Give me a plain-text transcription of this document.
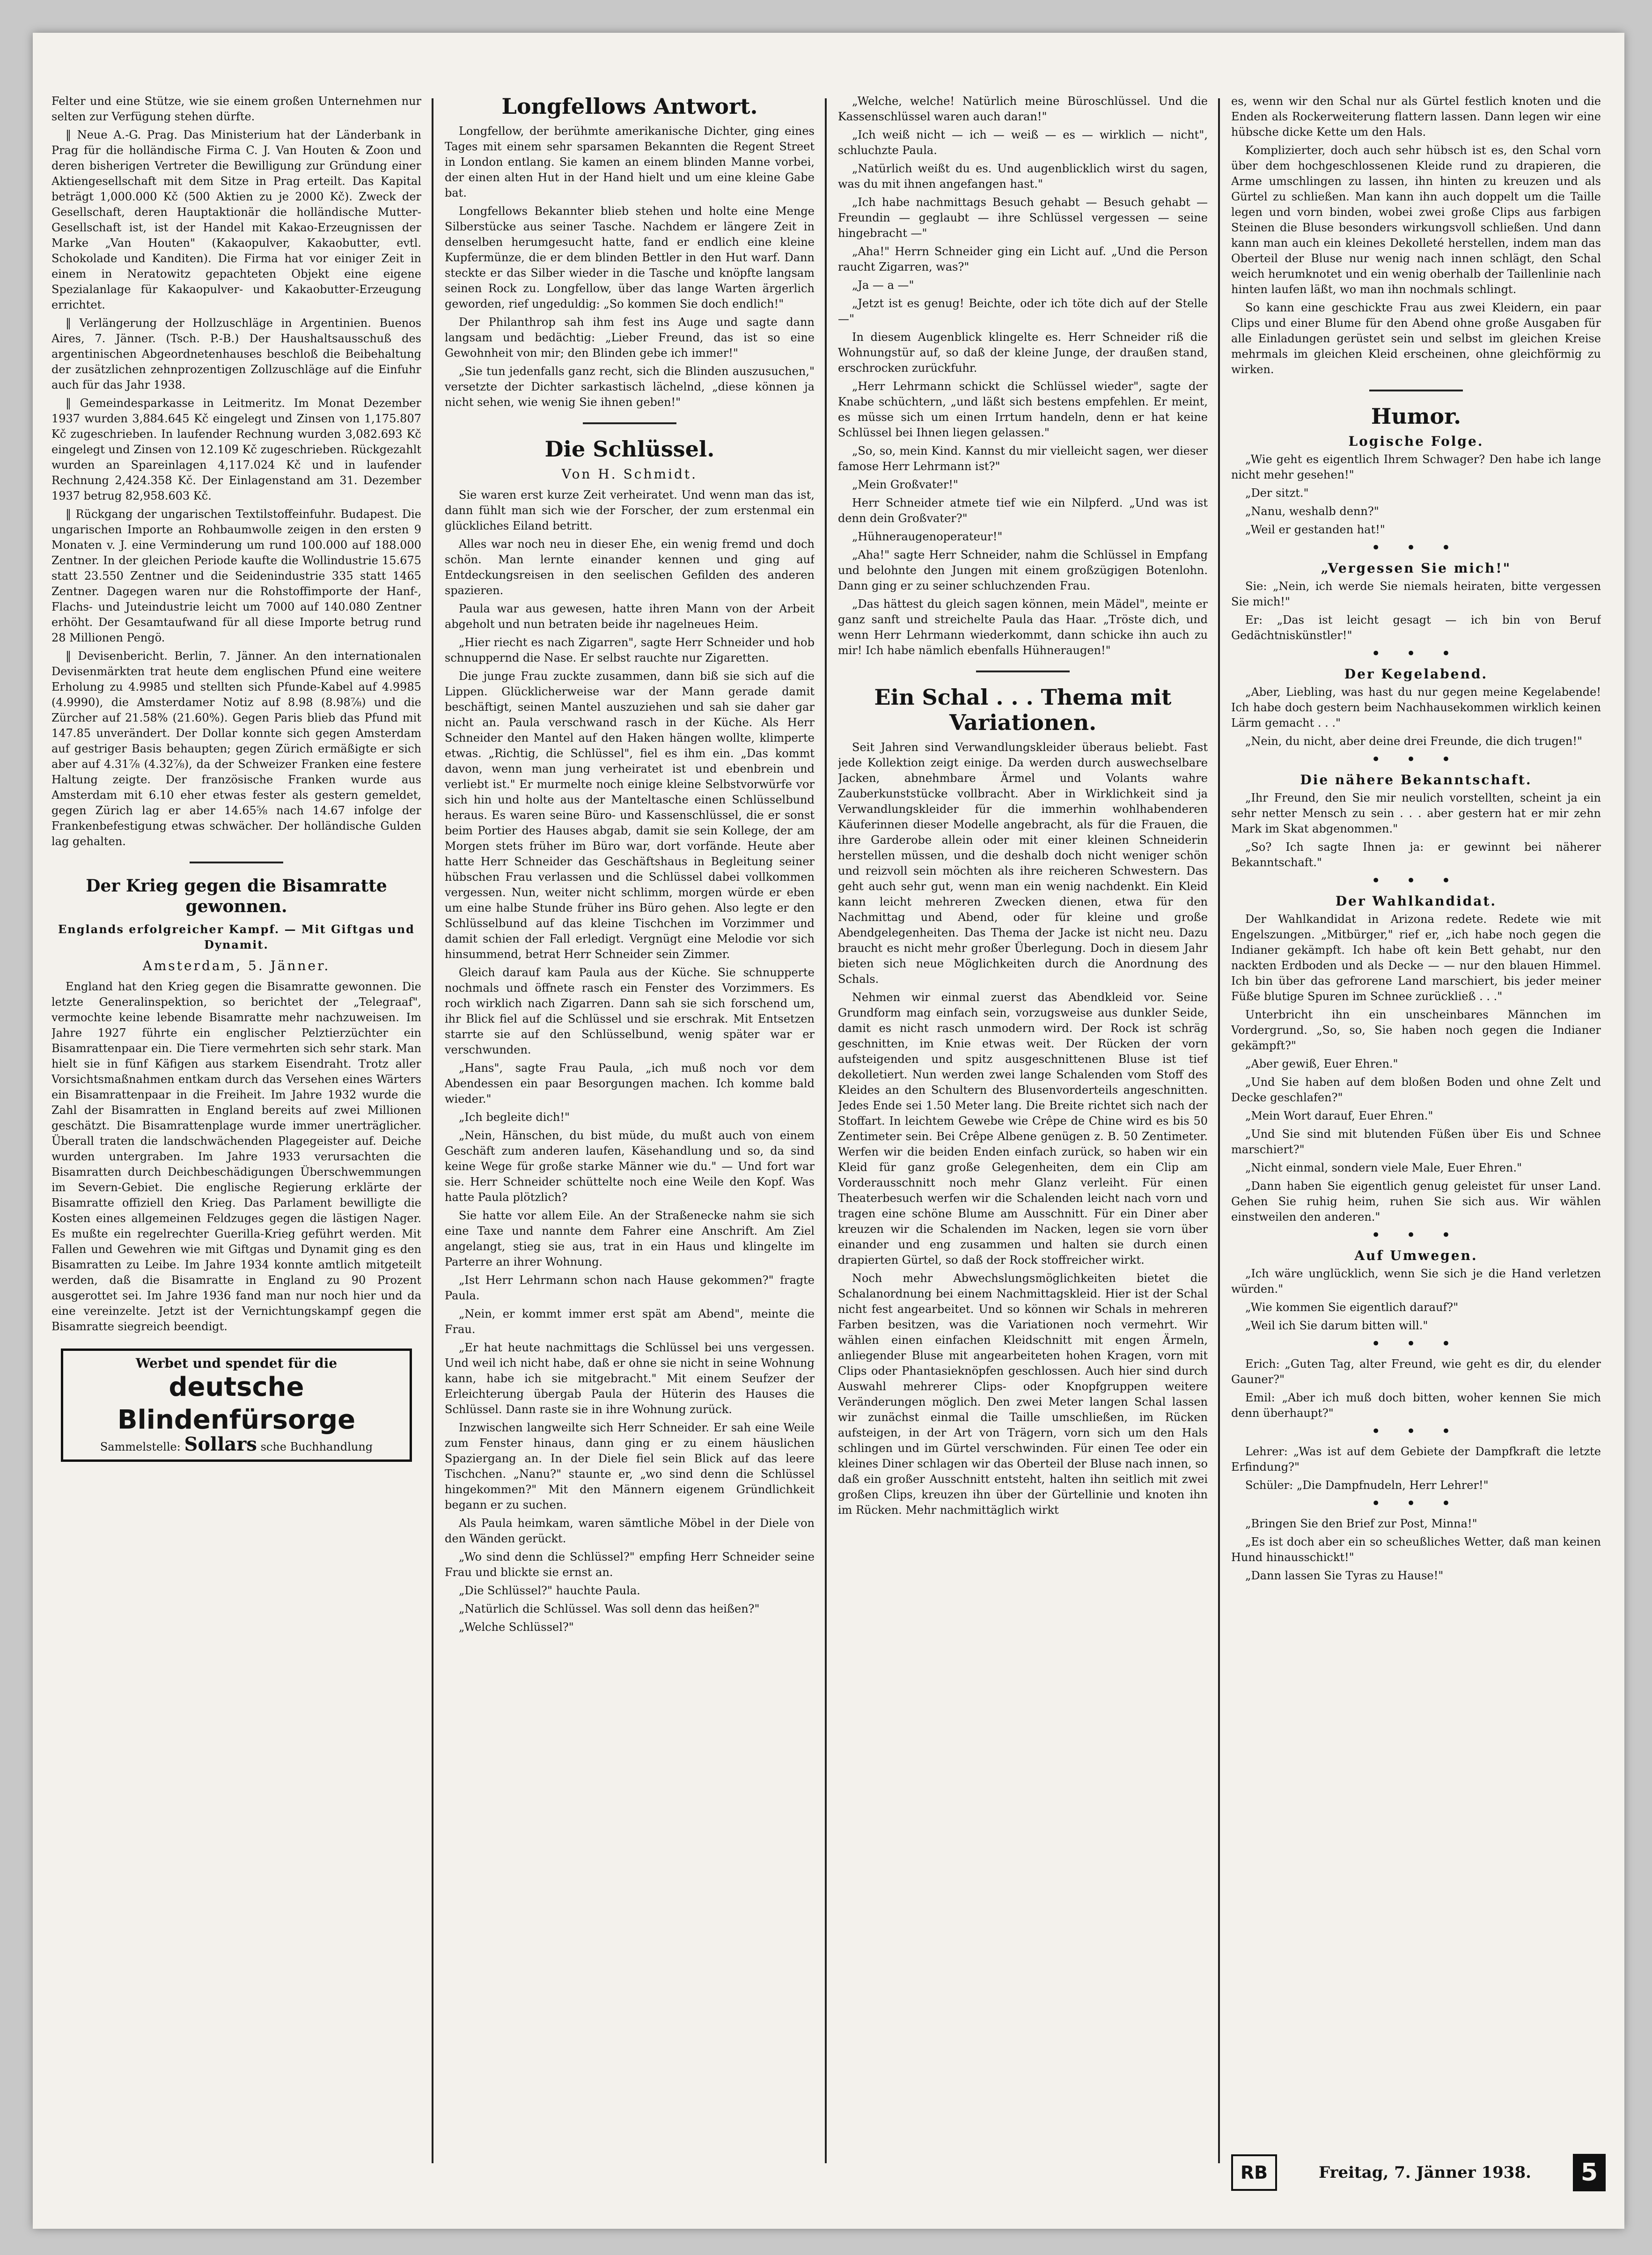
Felter und eine Stütze, wie sie einem großen Unternehmen nur selten zur Verfügung stehen dürfte.

‖ Neue A.-G. Prag. Das Ministerium hat der Länderbank in Prag für die holländische Firma C. J. Van Houten & Zoon und deren bisherigen Vertreter die Bewilligung zur Gründung einer Aktiengesellschaft mit dem Sitze in Prag erteilt. Das Kapital beträgt 1,000.000 Kč (500 Aktien zu je 2000 Kč). Zweck der Gesellschaft, deren Hauptaktionär die holländische Mutter-Gesellschaft ist, ist der Handel mit Kakao-Erzeugnissen der Marke „Van Houten" (Kakaopulver, Kakaobutter, evtl. Schokolade und Kanditen). Die Firma hat vor einiger Zeit in einem in Neratowitz gepachteten Objekt eine eigene Spezialanlage für Kakaopulver- und Kakaobutter-Erzeugung errichtet.

‖ Verlängerung der Hollzuschläge in Argentinien. Buenos Aires, 7. Jänner. (Tsch. P.-B.) Der Haushaltsausschuß des argentinischen Abgeordnetenhauses beschloß die Beibehaltung der zusätzlichen zehnprozentigen Zollzuschläge auf die Einfuhr auch für das Jahr 1938.

‖ Gemeindesparkasse in Leitmeritz. Im Monat Dezember 1937 wurden 3,884.645 Kč eingelegt und Zinsen von 1,175.807 Kč zugeschrieben. In laufender Rechnung wurden 3,082.693 Kč eingelegt und Zinsen von 12.109 Kč zugeschrieben. Rückgezahlt wurden an Spareinlagen 4,117.024 Kč und in laufender Rechnung 2,424.358 Kč. Der Einlagenstand am 31. Dezember 1937 betrug 82,958.603 Kč.

‖ Rückgang der ungarischen Textilstoffeinfuhr. Budapest. Die ungarischen Importe an Rohbaumwolle zeigen in den ersten 9 Monaten v. J. eine Verminderung um rund 100.000 auf 188.000 Zentner. In der gleichen Periode kaufte die Wollindustrie 15.675 statt 23.550 Zentner und die Seidenindustrie 335 statt 1465 Zentner. Dagegen waren nur die Rohstoffimporte der Hanf-, Flachs- und Juteindustrie leicht um 7000 auf 140.080 Zentner erhöht. Der Gesamtaufwand für all diese Importe betrug rund 28 Millionen Pengö.

‖ Devisenbericht. Berlin, 7. Jänner. An den internationalen Devisenmärkten trat heute dem englischen Pfund eine weitere Erholung zu 4.9985 und stellten sich Pfunde-Kabel auf 4.9985 (4.9990), die Amsterdamer Notiz auf 8.98 (8.98⅞) und die Zürcher auf 21.58% (21.60%). Gegen Paris blieb das Pfund mit 147.85 unverändert. Der Dollar konnte sich gegen Amsterdam auf gestriger Basis behaupten; gegen Zürich ermäßigte er sich aber auf 4.31⅞ (4.32⅞), da der Schweizer Franken eine festere Haltung zeigte. Der französische Franken wurde aus Amsterdam mit 6.10 eher etwas fester als gestern gemeldet, gegen Zürich lag er aber 14.65⅝ nach 14.67 infolge der Frankenbefestigung etwas schwächer. Der holländische Gulden lag gehalten.

Der Krieg gegen die Bisamratte gewonnen.
Englands erfolgreicher Kampf. — Mit Giftgas und Dynamit.
Amsterdam, 5. Jänner.

England hat den Krieg gegen die Bisamratte gewonnen. Die letzte Generalinspektion, so berichtet der „Telegraaf", vermochte keine lebende Bisamratte mehr nachzuweisen. Im Jahre 1927 führte ein englischer Pelztierzüchter ein Bisamrattenpaar ein. Die Tiere vermehrten sich sehr stark. Man hielt sie in fünf Käfigen aus starkem Eisendraht. Trotz aller Vorsichtsmaßnahmen entkam durch das Versehen eines Wärters ein Bisamrattenpaar in die Freiheit. Im Jahre 1932 wurde die Zahl der Bisamratten in England bereits auf zwei Millionen geschätzt. Die Bisamrattenplage wurde immer unerträglicher. Überall traten die landschwächenden Plagegeister auf. Deiche wurden untergraben. Im Jahre 1933 verursachten die Bisamratten durch Deichbeschädigungen Überschwemmungen im Severn-Gebiet. Die englische Regierung erklärte der Bisamratte offiziell den Krieg. Das Parlament bewilligte die Kosten eines allgemeinen Feldzuges gegen die lästigen Nager. Es mußte ein regelrechter Guerilla-Krieg geführt werden. Mit Fallen und Gewehren wie mit Giftgas und Dynamit ging es den Bisamratten zu Leibe. Im Jahre 1934 konnte amtlich mitgeteilt werden, daß die Bisamratte in England zu 90 Prozent ausgerottet sei. Im Jahre 1936 fand man nur noch hier und da eine vereinzelte. Jetzt ist der Vernichtungskampf gegen die Bisamratte siegreich beendigt.

Werbet und spendet für die
deutsche Blindenfürsorge
Sammelstelle: Sollars sche Buchhandlung
Longfellows Antwort.

Longfellow, der berühmte amerikanische Dichter, ging eines Tages mit einem sehr sparsamen Bekannten die Regent Street in London entlang. Sie kamen an einem blinden Manne vorbei, der einen alten Hut in der Hand hielt und um eine kleine Gabe bat.

Longfellows Bekannter blieb stehen und holte eine Menge Silberstücke aus seiner Tasche. Nachdem er längere Zeit in denselben herumgesucht hatte, fand er endlich eine kleine Kupfermünze, die er dem blinden Bettler in den Hut warf. Dann steckte er das Silber wieder in die Tasche und knöpfte langsam seinen Rock zu. Longfellow, über das lange Warten ärgerlich geworden, rief ungeduldig: „So kommen Sie doch endlich!"

Der Philanthrop sah ihm fest ins Auge und sagte dann langsam und bedächtig: „Lieber Freund, das ist so eine Gewohnheit von mir; den Blinden gebe ich immer!"

„Sie tun jedenfalls ganz recht, sich die Blinden auszusuchen," versetzte der Dichter sarkastisch lächelnd, „diese können ja nicht sehen, wie wenig Sie ihnen geben!"

Die Schlüssel.
Von H. Schmidt.

Sie waren erst kurze Zeit verheiratet. Und wenn man das ist, dann fühlt man sich wie der Forscher, der zum erstenmal ein glückliches Eiland betritt.

Alles war noch neu in dieser Ehe, ein wenig fremd und doch schön. Man lernte einander kennen und ging auf Entdeckungsreisen in den seelischen Gefilden des anderen spazieren.

Paula war aus gewesen, hatte ihren Mann von der Arbeit abgeholt und nun betraten beide ihr nagelneues Heim.

„Hier riecht es nach Zigarren", sagte Herr Schneider und hob schnuppernd die Nase. Er selbst rauchte nur Zigaretten.

Die junge Frau zuckte zusammen, dann biß sie sich auf die Lippen. Glücklicherweise war der Mann gerade damit beschäftigt, seinen Mantel auszuziehen und sah sie daher gar nicht an. Paula verschwand rasch in der Küche. Als Herr Schneider den Mantel auf den Haken hängen wollte, klimperte etwas. „Richtig, die Schlüssel", fiel es ihm ein. „Das kommt davon, wenn man jung verheiratet ist und ebenbrein und verliebt ist." Er murmelte noch einige kleine Selbstvorwürfe vor sich hin und holte aus der Manteltasche einen Schlüsselbund heraus. Es waren seine Büro- und Kassenschlüssel, die er sonst beim Portier des Hauses abgab, damit sie sein Kollege, der am Morgen stets früher im Büro war, dort vorfände. Heute aber hatte Herr Schneider das Geschäftshaus in Begleitung seiner hübschen Frau verlassen und die Schlüssel dabei vollkommen vergessen. Nun, weiter nicht schlimm, morgen würde er eben um eine halbe Stunde früher ins Büro gehen. Also legte er den Schlüsselbund auf das kleine Tischchen im Vorzimmer und damit schien der Fall erledigt. Vergnügt eine Melodie vor sich hinsummend, betrat Herr Schneider sein Zimmer.

Gleich darauf kam Paula aus der Küche. Sie schnupperte nochmals und öffnete rasch ein Fenster des Vorzimmers. Es roch wirklich nach Zigarren. Dann sah sie sich forschend um, ihr Blick fiel auf die Schlüssel und sie erschrak. Mit Entsetzen starrte sie auf den Schlüsselbund, wenig später war er verschwunden.

„Hans", sagte Frau Paula, „ich muß noch vor dem Abendessen ein paar Besorgungen machen. Ich komme bald wieder."

„Ich begleite dich!"

„Nein, Hänschen, du bist müde, du mußt auch von einem Geschäft zum anderen laufen, Käsehandlung und so, da sind keine Wege für große starke Männer wie du." — Und fort war sie. Herr Schneider schüttelte noch eine Weile den Kopf. Was hatte Paula plötzlich?

Sie hatte vor allem Eile. An der Straßenecke nahm sie sich eine Taxe und nannte dem Fahrer eine Anschrift. Am Ziel angelangt, stieg sie aus, trat in ein Haus und klingelte im Parterre an ihrer Wohnung.

„Ist Herr Lehrmann schon nach Hause gekommen?" fragte Paula.

„Nein, er kommt immer erst spät am Abend", meinte die Frau.

„Er hat heute nachmittags die Schlüssel bei uns vergessen. Und weil ich nicht habe, daß er ohne sie nicht in seine Wohnung kann, habe ich sie mitgebracht." Mit einem Seufzer der Erleichterung übergab Paula der Hüterin des Hauses die Schlüssel. Dann raste sie in ihre Wohnung zurück.

Inzwischen langweilte sich Herr Schneider. Er sah eine Weile zum Fenster hinaus, dann ging er zu einem häuslichen Spaziergang an. In der Diele fiel sein Blick auf das leere Tischchen. „Nanu?" staunte er, „wo sind denn die Schlüssel hingekommen?" Mit den Männern eigenem Gründlichkeit begann er zu suchen.

Als Paula heimkam, waren sämtliche Möbel in der Diele von den Wänden gerückt.

„Wo sind denn die Schlüssel?" empfing Herr Schneider seine Frau und blickte sie ernst an.

„Die Schlüssel?" hauchte Paula.

„Natürlich die Schlüssel. Was soll denn das heißen?"

„Welche Schlüssel?"

„Welche, welche! Natürlich meine Büroschlüssel. Und die Kassenschlüssel waren auch daran!"

„Ich weiß nicht — ich — weiß — es — wirklich — nicht", schluchzte Paula.

„Natürlich weißt du es. Und augenblicklich wirst du sagen, was du mit ihnen angefangen hast."

„Ich habe nachmittags Besuch gehabt — Besuch gehabt — Freundin — geglaubt — ihre Schlüssel vergessen — seine hingebracht —"

„Aha!" Herrn Schneider ging ein Licht auf. „Und die Person raucht Zigarren, was?"

„Ja — a —"

„Jetzt ist es genug! Beichte, oder ich töte dich auf der Stelle —"

In diesem Augenblick klingelte es. Herr Schneider riß die Wohnungstür auf, so daß der kleine Junge, der draußen stand, erschrocken zurückfuhr.

„Herr Lehrmann schickt die Schlüssel wieder", sagte der Knabe schüchtern, „und läßt sich bestens empfehlen. Er meint, es müsse sich um einen Irrtum handeln, denn er hat keine Schlüssel bei Ihnen liegen gelassen."

„So, so, mein Kind. Kannst du mir vielleicht sagen, wer dieser famose Herr Lehrmann ist?"

„Mein Großvater!"

Herr Schneider atmete tief wie ein Nilpferd. „Und was ist denn dein Großvater?"

„Hühneraugenoperateur!"

„Aha!" sagte Herr Schneider, nahm die Schlüssel in Empfang und belohnte den Jungen mit einem großzügigen Botenlohn. Dann ging er zu seiner schluchzenden Frau.

„Das hättest du gleich sagen können, mein Mädel", meinte er ganz sanft und streichelte Paula das Haar. „Tröste dich, und wenn Herr Lehrmann wiederkommt, dann schicke ihn auch zu mir! Ich habe nämlich ebenfalls Hühneraugen!"

Ein Schal . . . Thema mit Variationen.

Seit Jahren sind Verwandlungskleider überaus beliebt. Fast jede Kollektion zeigt einige. Da werden durch auswechselbare Jacken, abnehmbare Ärmel und Volants wahre Zauberkunststücke vollbracht. Aber in Wirklichkeit sind ja Verwandlungskleider für die immerhin wohlhabenderen Käuferinnen dieser Modelle angebracht, als für die Frauen, die ihre Garderobe allein oder mit einer kleinen Schneiderin herstellen müssen, und die deshalb doch nicht weniger schön und reizvoll sein möchten als ihre reicheren Schwestern. Das geht auch sehr gut, wenn man ein wenig nachdenkt. Ein Kleid kann leicht mehreren Zwecken dienen, etwa für den Nachmittag und Abend, oder für kleine und große Abendgelegenheiten. Das Thema der Jacke ist nicht neu. Dazu braucht es nicht mehr großer Überlegung. Doch in diesem Jahr bieten sich neue Möglichkeiten durch die Anordnung des Schals.

Nehmen wir einmal zuerst das Abendkleid vor. Seine Grundform mag einfach sein, vorzugsweise aus dunkler Seide, damit es nicht rasch unmodern wird. Der Rock ist schräg geschnitten, im Knie etwas weit. Der Rücken der vorn aufsteigenden und spitz ausgeschnittenen Bluse ist tief dekolletiert. Nun werden zwei lange Schalenden vom Stoff des Kleides an den Schultern des Blusenvorderteils angeschnitten. Jedes Ende sei 1.50 Meter lang. Die Breite richtet sich nach der Stoffart. In leichtem Gewebe wie Crêpe de Chine wird es bis 50 Zentimeter sein. Bei Crêpe Albene genügen z. B. 50 Zentimeter. Werfen wir die beiden Enden einfach zurück, so haben wir ein Kleid für ganz große Gelegenheiten, dem ein Clip am Vorderausschnitt noch mehr Glanz verleiht. Für einen Theaterbesuch werfen wir die Schalenden leicht nach vorn und tragen eine schöne Blume am Ausschnitt. Für ein Diner aber kreuzen wir die Schalenden im Nacken, legen sie vorn über einander und eng zusammen und halten sie durch einen drapierten Gürtel, so daß der Rock stoffreicher wirkt.

Noch mehr Abwechslungsmöglichkeiten bietet die Schalanordnung bei einem Nachmittagskleid. Hier ist der Schal nicht fest angearbeitet. Und so können wir Schals in mehreren Farben besitzen, was die Variationen noch vermehrt. Wir wählen einen einfachen Kleidschnitt mit engen Ärmeln, anliegender Bluse mit angearbeiteten hohen Kragen, vorn mit Clips oder Phantasieknöpfen geschlossen. Auch hier sind durch Auswahl mehrerer Clips- oder Knopfgruppen weitere Veränderungen möglich. Den zwei Meter langen Schal lassen wir zunächst einmal die Taille umschließen, im Rücken aufsteigen, in der Art von Trägern, vorn sich um den Hals schlingen und im Gürtel verschwinden. Für einen Tee oder ein kleines Diner schlagen wir das Oberteil der Bluse nach innen, so daß ein großer Ausschnitt entsteht, halten ihn seitlich mit zwei großen Clips, kreuzen ihn über der Gürtellinie und knoten ihn im Rücken. Mehr nachmittäglich wirkt

es, wenn wir den Schal nur als Gürtel festlich knoten und die Enden als Rockerweiterung flattern lassen. Dann legen wir eine hübsche dicke Kette um den Hals.

Komplizierter, doch auch sehr hübsch ist es, den Schal vorn über dem hochgeschlossenen Kleide rund zu drapieren, die Arme umschlingen zu lassen, ihn hinten zu kreuzen und als Gürtel zu schließen. Man kann ihn auch doppelt um die Taille legen und vorn binden, wobei zwei große Clips aus farbigen Steinen die Bluse besonders wirkungsvoll schließen. Und dann kann man auch ein kleines Dekolleté herstellen, indem man das Oberteil der Bluse nur wenig nach innen schlägt, den Schal weich herumknotet und ein wenig oberhalb der Taillenlinie nach hinten laufen läßt, wo man ihn nochmals schlingt.

So kann eine geschickte Frau aus zwei Kleidern, ein paar Clips und einer Blume für den Abend ohne große Ausgaben für alle Einladungen gerüstet sein und selbst im gleichen Kreise mehrmals im gleichen Kleid erscheinen, ohne gleichförmig zu wirken.

Humor.
Logische Folge.

„Wie geht es eigentlich Ihrem Schwager? Den habe ich lange nicht mehr gesehen!"

„Der sitzt."

„Nanu, weshalb denn?"

„Weil er gestanden hat!"

• • •
„Vergessen Sie mich!"

Sie: „Nein, ich werde Sie niemals heiraten, bitte vergessen Sie mich!"

Er: „Das ist leicht gesagt — ich bin von Beruf Gedächtniskünstler!"

• • •
Der Kegelabend.

„Aber, Liebling, was hast du nur gegen meine Kegelabende! Ich habe doch gestern beim Nachhausekommen wirklich keinen Lärm gemacht . . ."

„Nein, du nicht, aber deine drei Freunde, die dich trugen!"

• • •
Die nähere Bekanntschaft.

„Ihr Freund, den Sie mir neulich vorstellten, scheint ja ein sehr netter Mensch zu sein . . . aber gestern hat er mir zehn Mark im Skat abgenommen."

„So? Ich sagte Ihnen ja: er gewinnt bei näherer Bekanntschaft."

• • •
Der Wahlkandidat.

Der Wahlkandidat in Arizona redete. Redete wie mit Engelszungen. „Mitbürger," rief er, „ich habe noch gegen die Indianer gekämpft. Ich habe oft kein Bett gehabt, nur den nackten Erdboden und als Decke — — nur den blauen Himmel. Ich bin über das gefrorene Land marschiert, bis jeder meiner Füße blutige Spuren im Schnee zurückließ . . ."

Unterbricht ihn ein unscheinbares Männchen im Vordergrund. „So, so, Sie haben noch gegen die Indianer gekämpft?"

„Aber gewiß, Euer Ehren."

„Und Sie haben auf dem bloßen Boden und ohne Zelt und Decke geschlafen?"

„Mein Wort darauf, Euer Ehren."

„Und Sie sind mit blutenden Füßen über Eis und Schnee marschiert?"

„Nicht einmal, sondern viele Male, Euer Ehren."

„Dann haben Sie eigentlich genug geleistet für unser Land. Gehen Sie ruhig heim, ruhen Sie sich aus. Wir wählen einstweilen den anderen."

• • •
Auf Umwegen.

„Ich wäre unglücklich, wenn Sie sich je die Hand verletzen würden."

„Wie kommen Sie eigentlich darauf?"

„Weil ich Sie darum bitten will."

• • •

Erich: „Guten Tag, alter Freund, wie geht es dir, du elender Gauner?"

Emil: „Aber ich muß doch bitten, woher kennen Sie mich denn überhaupt?"

• • •

Lehrer: „Was ist auf dem Gebiete der Dampfkraft die letzte Erfindung?"

Schüler: „Die Dampfnudeln, Herr Lehrer!"

• • •

„Bringen Sie den Brief zur Post, Minna!"

„Es ist doch aber ein so scheußliches Wetter, daß man keinen Hund hinausschickt!"

„Dann lassen Sie Tyras zu Hause!"

RB	Freitag, 7. Jänner 1938.	5
